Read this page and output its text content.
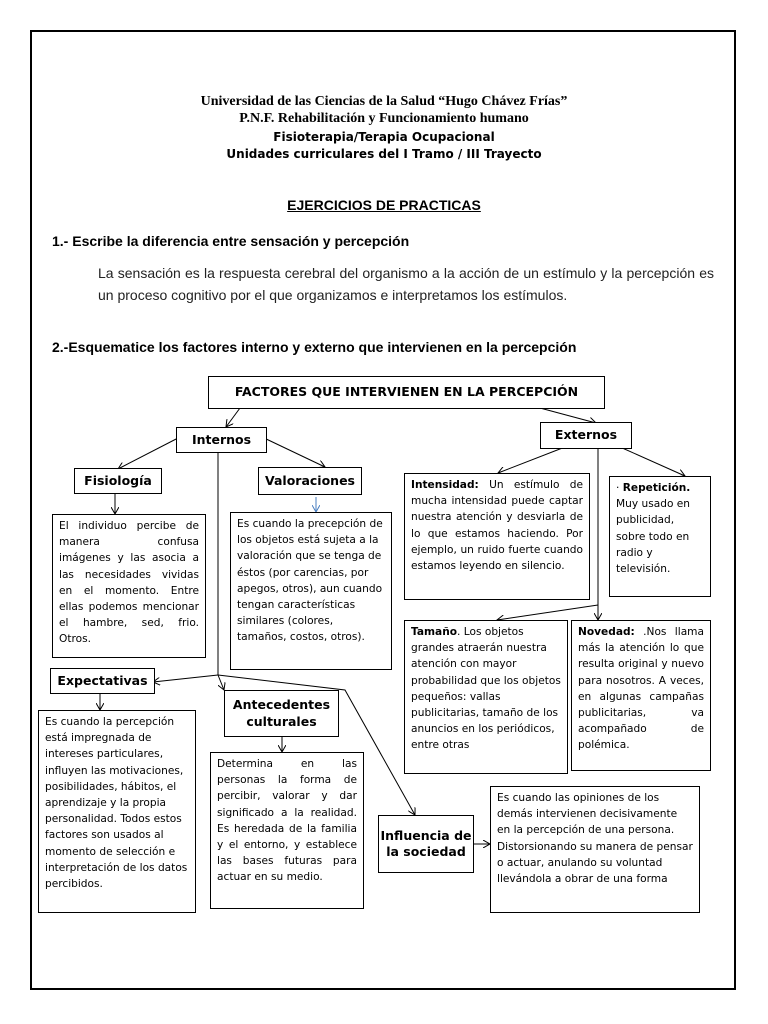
Universidad de las Ciencias de la Salud “Hugo Chávez Frías”
P.N.F. Rehabilitación y Funcionamiento humano
Fisioterapia/Terapia Ocupacional
Unidades curriculares del I Tramo / III Trayecto
EJERCICIOS DE PRACTICAS
1.- Escribe la diferencia entre sensación y percepción
La sensación es la respuesta cerebral del organismo a la acción de un estímulo y la percepción es un proceso cognitivo por el que organizamos e interpretamos los estímulos.
2.-Esquematice los factores interno y externo que intervienen en la percepción
FACTORES QUE INTERVIENEN EN LA PERCEPCIÓN
Internos	Externos
Fisiología
El individuo percibe de manera confusa imágenes y las asocia a las necesidades vividas en el momento. Entre ellas podemos mencionar el hambre, sed, frio. Otros.
Valoraciones
Es cuando la precepción de los objetos está sujeta a la valoración que se tenga de éstos (por carencias, por apegos, otros), aun cuando tengan características similares (colores, tamaños, costos, otros).
Expectativas
Es cuando la percepción está impregnada de intereses particulares, influyen las motivaciones, posibilidades, hábitos, el aprendizaje y la propia personalidad. Todos estos factores son usados al momento de selección e interpretación de los datos percibidos.
Antecedentes culturales
Determina en las personas la forma de percibir, valorar y dar significado a la realidad. Es heredada de la familia y el entorno, y establece las bases futuras para actuar en su medio.
Influencia de la sociedad
Es cuando las opiniones de los demás intervienen decisivamente en la percepción de una persona. Distorsionando su manera de pensar o actuar, anulando su voluntad llevándola a obrar de una forma
Intensidad: Un estímulo de mucha intensidad puede captar nuestra atención y desviarla de lo que estamos haciendo. Por ejemplo, un ruido fuerte cuando estamos leyendo en silencio.
· Repetición.
Muy usado en publicidad, sobre todo en radio y televisión.
Tamaño. Los objetos grandes atraerán nuestra atención con mayor probabilidad que los objetos pequeños: vallas publicitarias, tamaño de los anuncios en los periódicos, entre otras
Novedad: .Nos llama más la atención lo que resulta original y nuevo para nosotros. A veces, en algunas campañas publicitarias, va acompañado de polémica.
